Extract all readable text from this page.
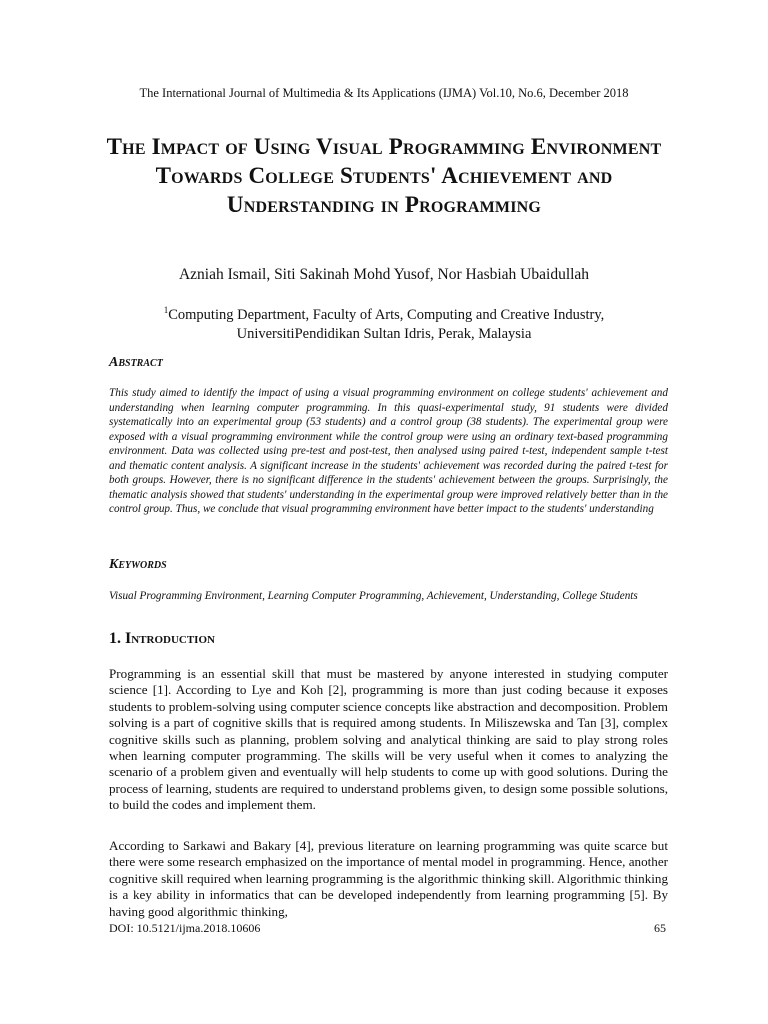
The International Journal of Multimedia & Its Applications (IJMA) Vol.10, No.6, December 2018
The Impact of Using Visual Programming Environment Towards College Students' Achievement and Understanding in Programming
Azniah Ismail, Siti Sakinah Mohd Yusof, Nor Hasbiah Ubaidullah
$^1$Computing Department, Faculty of Arts, Computing and Creative Industry,
UniversitiPendidikan Sultan Idris, Perak, Malaysia
Abstract
This study aimed to identify the impact of using a visual programming environment on college students' achievement and understanding when learning computer programming. In this quasi-experimental study, 91 students were divided systematically into an experimental group (53 students) and a control group (38 students). The experimental group were exposed with a visual programming environment while the control group were using an ordinary text-based programming environment. Data was collected using pre-test and post-test, then analysed using paired t-test, independent sample t-test and thematic content analysis. A significant increase in the students' achievement was recorded during the paired t-test for both groups. However, there is no significant difference in the students' achievement between the groups. Surprisingly, the thematic analysis showed that students' understanding in the experimental group were improved relatively better than in the control group. Thus, we conclude that visual programming environment have better impact to the students' understanding
Keywords
Visual Programming Environment, Learning Computer Programming, Achievement, Understanding, College Students
1. Introduction
Programming is an essential skill that must be mastered by anyone interested in studying computer science [1]. According to Lye and Koh [2], programming is more than just coding because it exposes students to problem-solving using computer science concepts like abstraction and decomposition. Problem solving is a part of cognitive skills that is required among students. In Miliszewska and Tan [3], complex cognitive skills such as planning, problem solving and analytical thinking are said to play strong roles when learning computer programming. The skills will be very useful when it comes to analyzing the scenario of a problem given and eventually will help students to come up with good solutions. During the process of learning, students are required to understand problems given, to design some possible solutions, to build the codes and implement them.
According to Sarkawi and Bakary [4], previous literature on learning programming was quite scarce but there were some research emphasized on the importance of mental model in programming. Hence, another cognitive skill required when learning programming is the algorithmic thinking skill. Algorithmic thinking is a key ability in informatics that can be developed independently from learning programming [5]. By having good algorithmic thinking,
DOI: 10.5121/ijma.2018.10606	65
